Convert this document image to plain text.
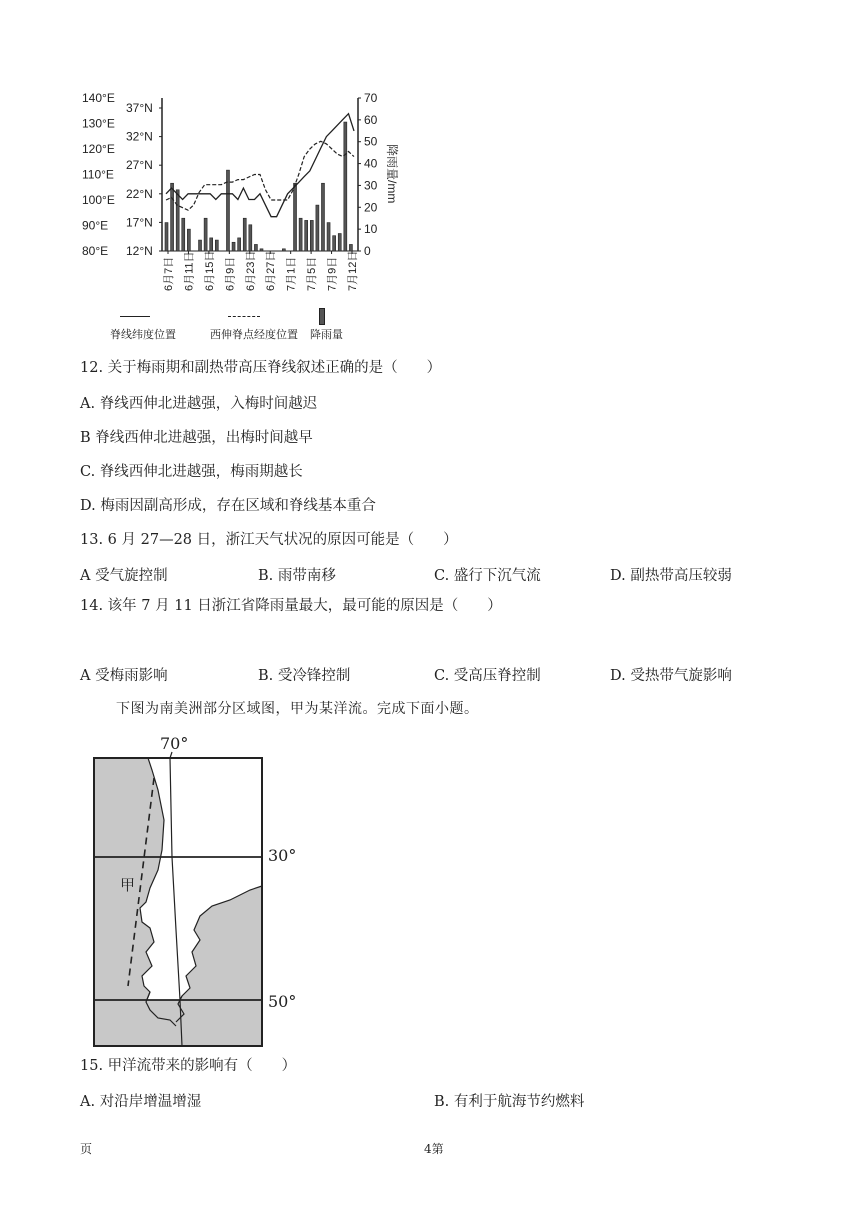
140°E
130°E
120°E
110°E
100°E
90°E
80°E
37°N
32°N
27°N
22°N
17°N
12°N
70
60
50
40
30
20
10
0
降雨量/mm
6月7日 6月11日 6月15日 6月9日 6月23日 6月27日 7月1日 7月5日 7月9日 7月12日
脊线纬度位置	西伸脊点经度位置 降雨量
12. 关于梅雨期和副热带高压脊线叙述正确的是（　　）
A. 脊线西伸北进越强，入梅时间越迟
B 脊线西伸北进越强，出梅时间越早
C. 脊线西伸北进越强，梅雨期越长
D. 梅雨因副高形成，存在区域和脊线基本重合
13. 6 月 27—28 日，浙江天气状况的原因可能是（　　）
A 受气旋控制	B. 雨带南移	C. 盛行下沉气流	D. 副热带高压较弱
14. 该年 7 月 11 日浙江省降雨量最大，最可能的原因是（　　）
A 受梅雨影响	B. 受冷锋控制	C. 受高压脊控制	D. 受热带气旋影响
下图为南美洲部分区域图，甲为某洋流。完成下面小题。
70°
30°
50°
甲
15. 甲洋流带来的影响有（　　）
A. 对沿岸增温增湿	B. 有利于航海节约燃料
页	4第
